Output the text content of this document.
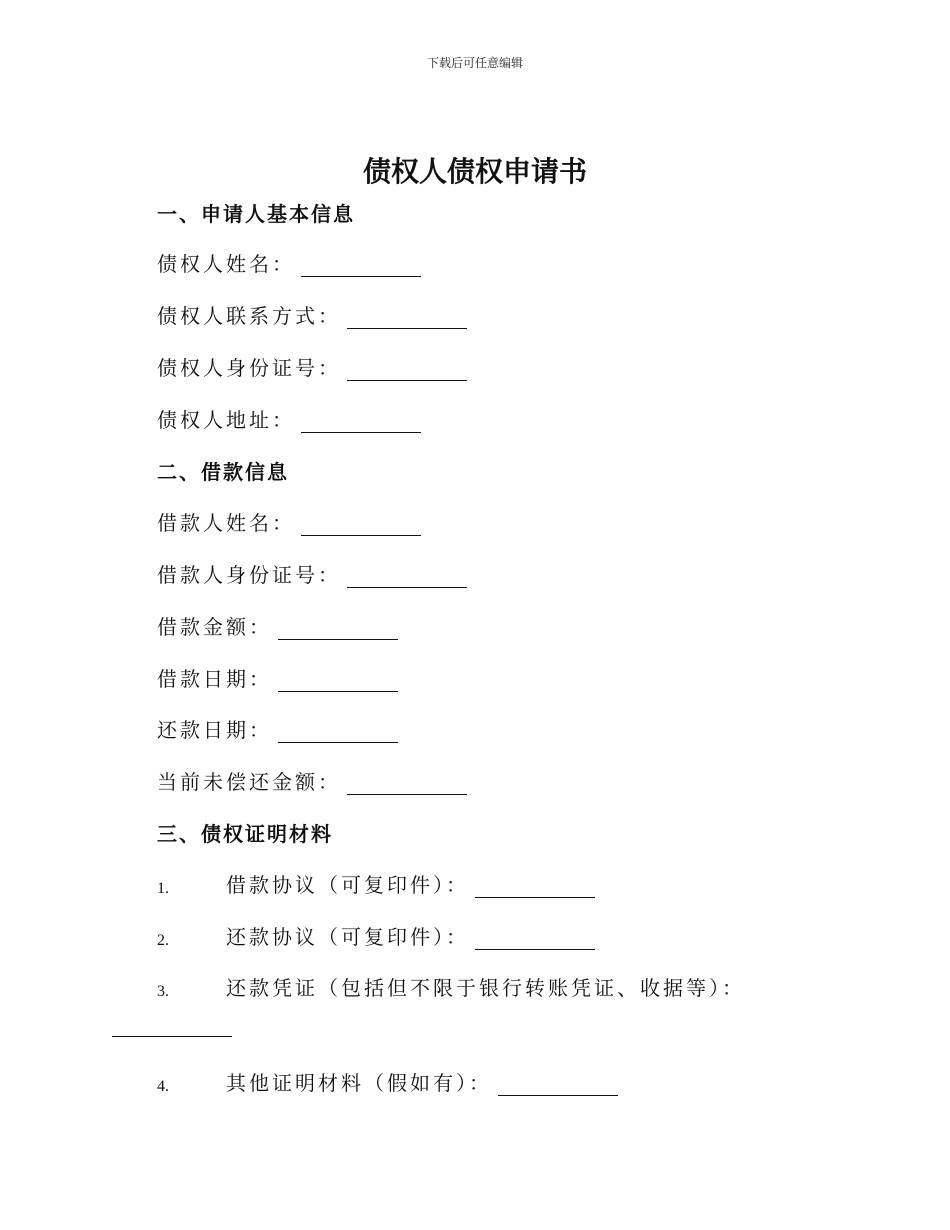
下载后可任意编辑
债权人债权申请书
一、申请人基本信息
债权人姓名：
债权人联系方式：
债权人身份证号：
债权人地址：
二、借款信息
借款人姓名：
借款人身份证号：
借款金额：
借款日期：
还款日期：
当前未偿还金额：
三、债权证明材料
1.	借款协议（可复印件）：
2.	还款协议（可复印件）：
3.	还款凭证（包括但不限于银行转账凭证、收据等）：
4.	其他证明材料（假如有）：
